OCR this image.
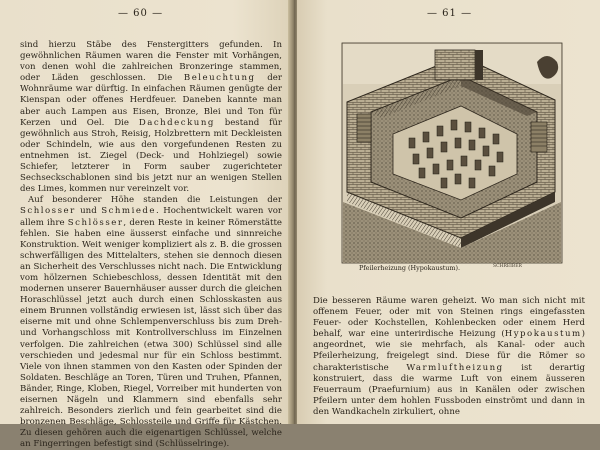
— 60 —

sind hierzu Stäbe des Fenstergitters gefunden. In gewöhnlichen Räumen waren die Fenster mit Vorhängen, von denen wohl die zahlreichen Bronzeringe stammen, oder Läden geschlossen. Die Beleuchtung der Wohnräume war dürftig. In einfachen Räumen genügte der Kienspan oder offenes Herdfeuer. Daneben kannte man aber auch Lampen aus Eisen, Bronze, Blei und Ton für Kerzen und Oel. Die Dachdeckung bestand für gewöhnlich aus Stroh, Reisig, Holzbrettern mit Deckleisten oder Schindeln, wie aus den vorgefundenen Resten zu entnehmen ist. Ziegel (Deck- und Hohlziegel) sowie Schiefer, letzterer in Form sauber zugerichteter Sechseckschablonen sind bis jetzt nur an wenigen Stellen des Limes, kommen nur vereinzelt vor.

Auf besonderer Höhe standen die Leistungen der Schlosser und Schmiede. Hochentwickelt waren vor allem ihre Schlösser, deren Reste in keiner Römerstätte fehlen. Sie haben eine äusserst einfache und sinnreiche Konstruktion. Weit weniger kompliziert als z. B. die grossen schwerfälligen des Mittelalters, stehen sie dennoch diesen an Sicherheit des Verschlusses nicht nach. Die Entwicklung vom hölzernen Schiebeschloss, dessen Identität mit den modernen unserer Bauernhäuser ausser durch die gleichen Horaschlüssel jetzt auch durch einen Schlosskasten aus einem Brunnen vollständig erwiesen ist, lässt sich über das eiserne mit und ohne Schlempenverschluss bis zum Dreh- und Vorhangschloss mit Kontrollverschluss im Einzelnen verfolgen. Die zahlreichen (etwa 300) Schlüssel sind alle verschieden und jedesmal nur für ein Schloss bestimmt. Viele von ihnen stammen von den Kasten oder Spinden der Soldaten. Beschläge an Toren, Türen und Truhen, Pfannen, Bänder, Ringe, Kloben, Riegel, Vorreiber mit hunderten von eisernen Nägeln und Klammern sind ebenfalls sehr zahlreich. Besonders zierlich und fein gearbeitet sind die bronzenen Beschläge, Schlossteile und Griffe für Kästchen. Zu diesen gehören auch die eigenartigen Schlüssel, welche an Fingerringen befestigt sind (Schlüsselringe).

— 61 —
Pfeilerheizung (Hypokaustum).	SCHREIBER

Die besseren Räume waren geheizt. Wo man sich nicht mit offenem Feuer, oder mit von Steinen rings eingefassten Feuer- oder Kochstellen, Kohlenbecken oder einem Herd behalf, war eine unterirdische Heizung (Hypokaustum) angeordnet, wie sie mehrfach, als Kanal- oder auch Pfeilerheizung, freigelegt sind. Diese für die Römer so charakteristische Warmluftheizung ist derartig konstruiert, dass die warme Luft von einem äusseren Feuerraum (Praefurnium) aus in Kanälen oder zwischen Pfeilern unter dem hohlen Fussboden einströmt und dann in den Wandkacheln zirkuliert, ohne
